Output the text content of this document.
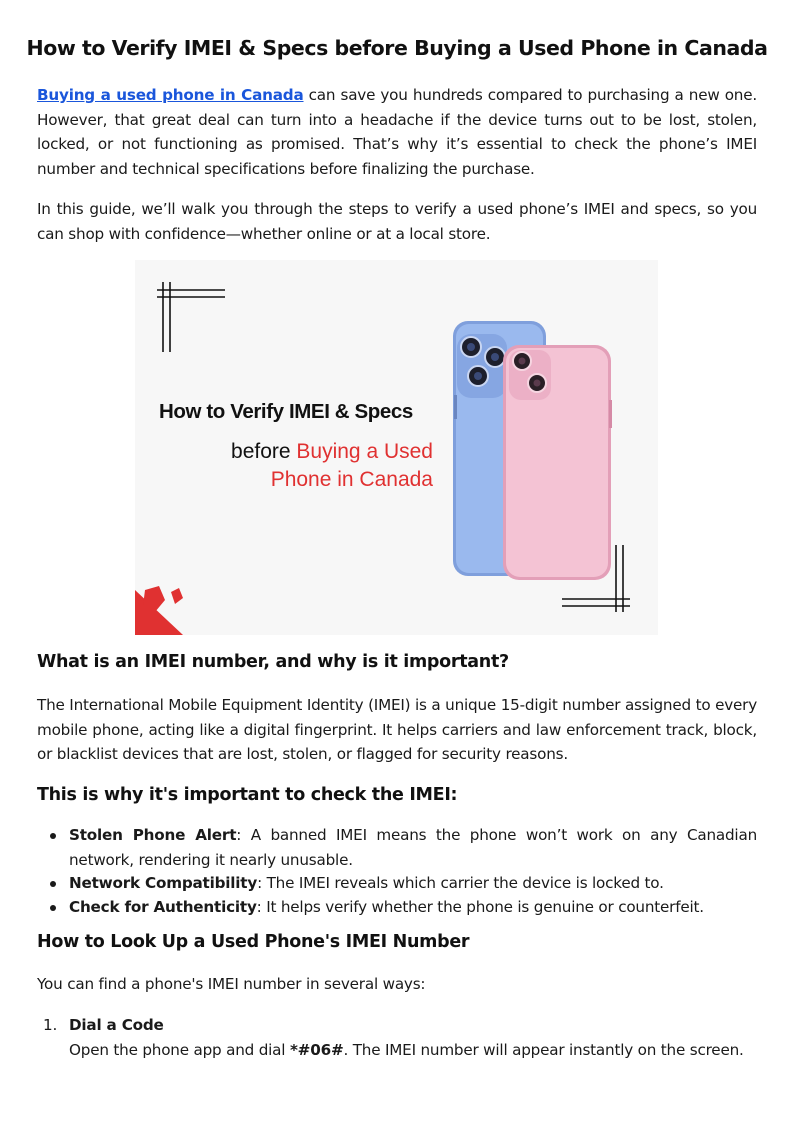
How to Verify IMEI & Specs before Buying a Used Phone in Canada

Buying a used phone in Canada can save you hundreds compared to purchasing a new one. However, that great deal can turn into a headache if the device turns out to be lost, stolen, locked, or not functioning as promised. That’s why it’s essential to check the phone’s IMEI number and technical specifications before finalizing the purchase.

In this guide, we’ll walk you through the steps to verify a used phone’s IMEI and specs, so you can shop with confidence—whether online or at a local store.

How to Verify IMEI & Specs
before Buying a Used
Phone in Canada
What is an IMEI number, and why is it important?

The International Mobile Equipment Identity (IMEI) is a unique 15-digit number assigned to every mobile phone, acting like a digital fingerprint. It helps carriers and law enforcement track, block, or blacklist devices that are lost, stolen, or flagged for security reasons.

This is why it's important to check the IMEI:
Stolen Phone Alert: A banned IMEI means the phone won’t work on any Canadian network, rendering it nearly unusable.
Network Compatibility: The IMEI reveals which carrier the device is locked to.
Check for Authenticity: It helps verify whether the phone is genuine or counterfeit.
How to Look Up a Used Phone's IMEI Number

You can find a phone's IMEI number in several ways:

1. Dial a Code
Open the phone app and dial *#06#. The IMEI number will appear instantly on the screen.
